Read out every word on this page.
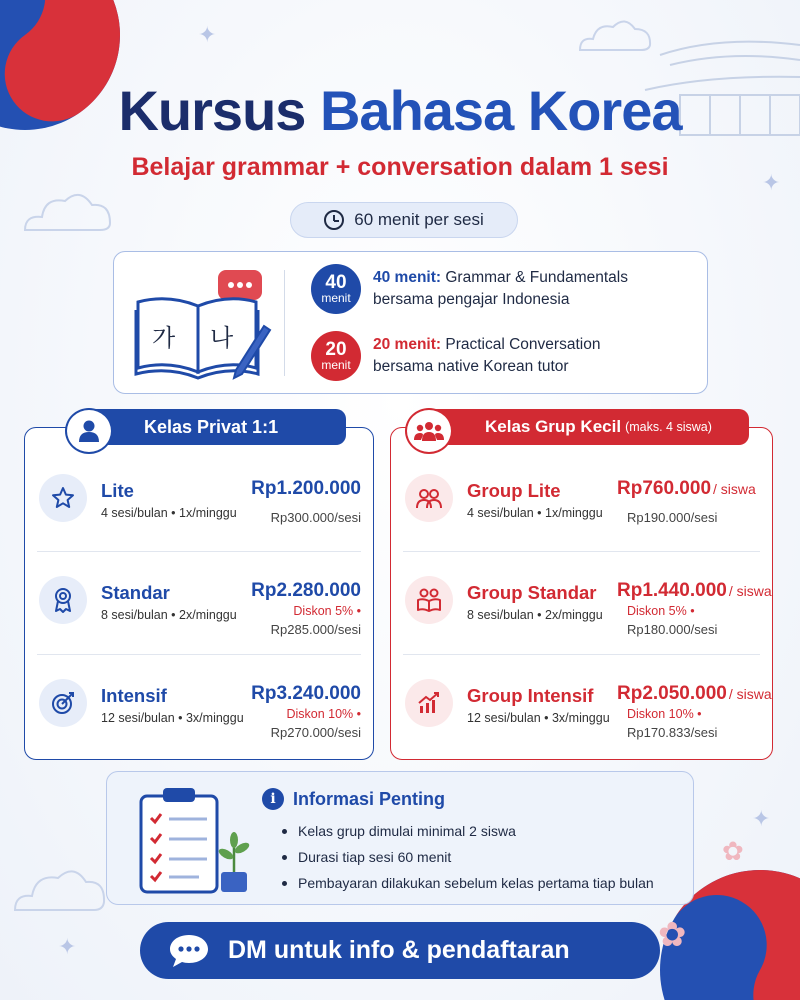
✦
✦
✦
✦
✿
✿
Kursus Bahasa Korea
Belajar grammar + conversation dalam 1 sesi
60 menit per sesi
가 나
40
menit
40 menit: Grammar & Fundamentals
bersama pengajar Indonesia
20
menit
20 menit: Practical Conversation
bersama native Korean tutor
Kelas Privat 1:1
Lite
4 sesi/bulan • 1x/minggu
Rp1.200.000
Rp300.000/sesi
Standar
8 sesi/bulan • 2x/minggu
Rp2.280.000
Diskon 5% •
Rp285.000/sesi
Intensif
12 sesi/bulan • 3x/minggu
Rp3.240.000
Diskon 10% •
Rp270.000/sesi
Kelas Grup Kecil (maks. 4 siswa)
Group Lite
4 sesi/bulan • 1x/minggu
Rp760.000 / siswa
Rp190.000/sesi
Group Standar
8 sesi/bulan • 2x/minggu
Rp1.440.000 / siswa
Diskon 5% •
Rp180.000/sesi
Group Intensif
12 sesi/bulan • 3x/minggu
Rp2.050.000 / siswa
Diskon 10% •
Rp170.833/sesi
i Informasi Penting
Kelas grup dimulai minimal 2 siswa
Durasi tiap sesi 60 menit
Pembayaran dilakukan sebelum kelas pertama tiap bulan
DM untuk info & pendaftaran
